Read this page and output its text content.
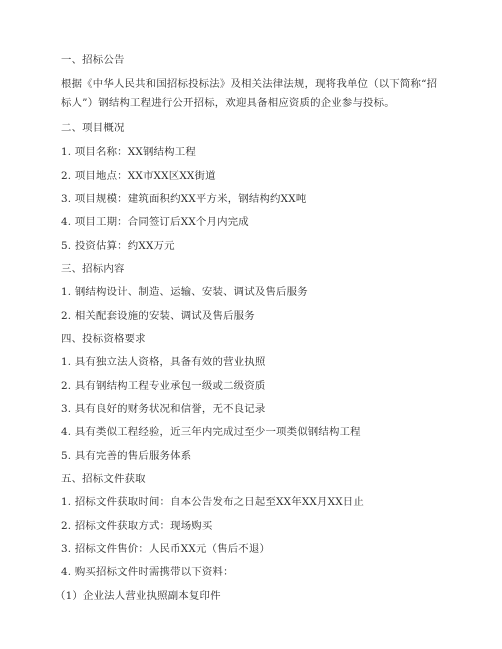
一、招标公告
根据《中华人民共和国招标投标法》及相关法律法规，现将我单位（以下简称“招标人”）钢结构工程进行公开招标，欢迎具备相应资质的企业参与投标。
二、项目概况
1. 项目名称：XX钢结构工程
2. 项目地点：XX市XX区XX街道
3. 项目规模：建筑面积约XX平方米，钢结构约XX吨
4. 项目工期：合同签订后XX个月内完成
5. 投资估算：约XX万元
三、招标内容
1. 钢结构设计、制造、运输、安装、调试及售后服务
2. 相关配套设施的安装、调试及售后服务
四、投标资格要求
1. 具有独立法人资格，具备有效的营业执照
2. 具有钢结构工程专业承包一级或二级资质
3. 具有良好的财务状况和信誉，无不良记录
4. 具有类似工程经验，近三年内完成过至少一项类似钢结构工程
5. 具有完善的售后服务体系
五、招标文件获取
1. 招标文件获取时间：自本公告发布之日起至XX年XX月XX日止
2. 招标文件获取方式：现场购买
3. 招标文件售价：人民币XX元（售后不退）
4. 购买招标文件时需携带以下资料：
（1）企业法人营业执照副本复印件
